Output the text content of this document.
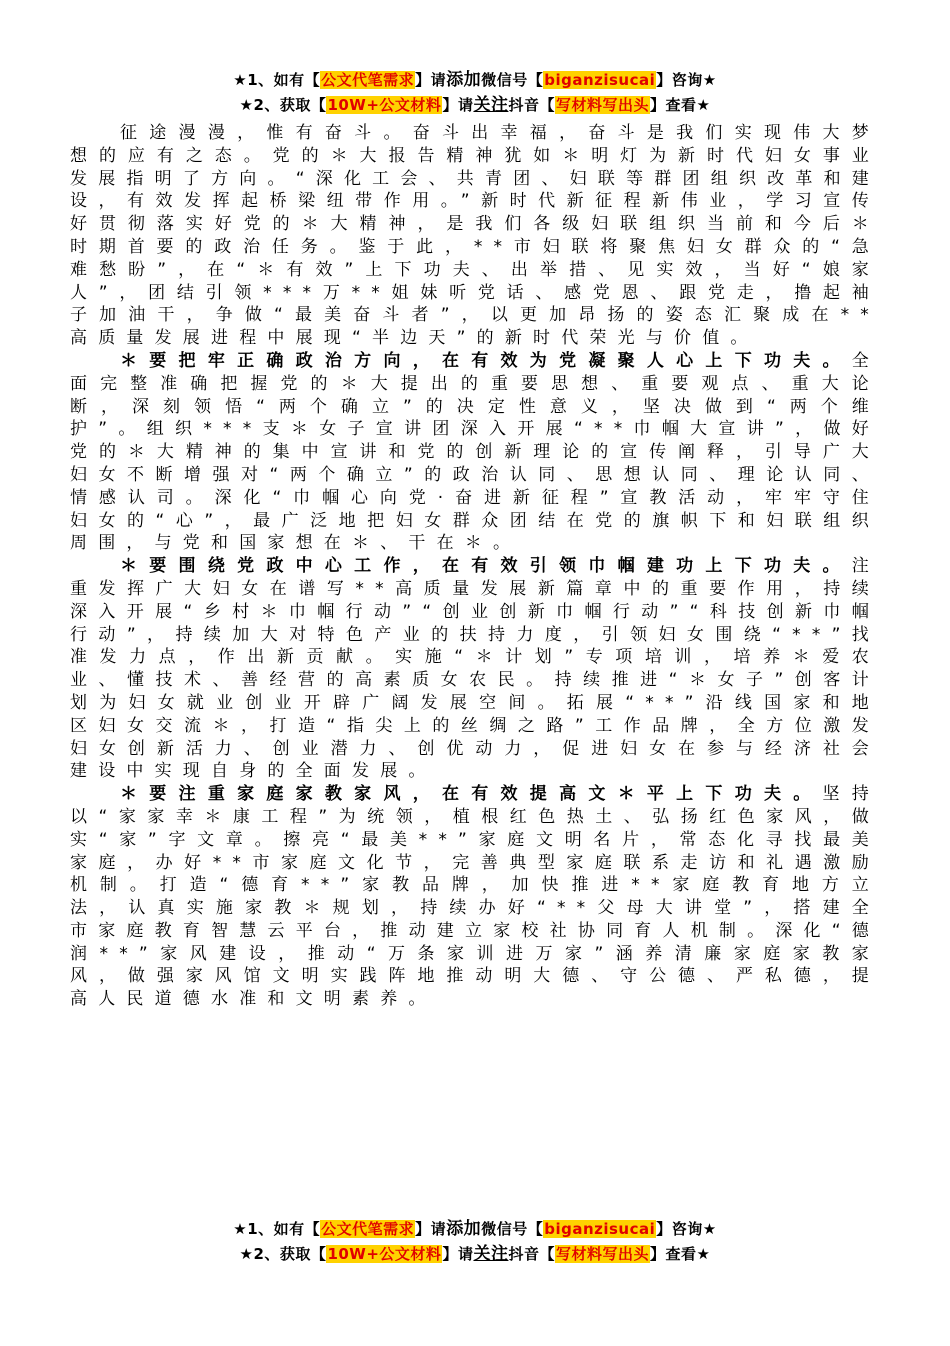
★1、如有【公文代笔需求】请添加微信号【biganzisucai】咨询★
★2、获取【10W+公文材料】请关注抖音【写材料写出头】查看★

征途漫漫，惟有奋斗。奋斗出幸福，奋斗是我们实现伟大梦想的应有之态。党的＊大报告精神犹如＊明灯为新时代妇女事业发展指明了方向。“深化工会、共青团、妇联等群团组织改革和建设，有效发挥起桥梁纽带作用。”新时代新征程新伟业，学习宣传好贯彻落实好党的＊大精神，是我们各级妇联组织当前和今后＊时期首要的政治任务。鉴于此，**市妇联将聚焦妇女群众的“急难愁盼”，在“＊有效”上下功夫、出举措、见实效，当好“娘家人”，团结引领***万**姐妹听党话、感党恩、跟党走，撸起袖子加油干，争做“最美奋斗者”，以更加昂扬的姿态汇聚成在**高质量发展进程中展现“半边天”的新时代荣光与价值。

＊要把牢正确政治方向，在有效为党凝聚人心上下功夫。全面完整准确把握党的＊大提出的重要思想、重要观点、重大论断，深刻领悟“两个确立”的决定性意义，坚决做到“两个维护”。组织***支＊女子宣讲团深入开展“**巾帼大宣讲”，做好党的＊大精神的集中宣讲和党的创新理论的宣传阐释，引导广大妇女不断增强对“两个确立”的政治认同、思想认同、理论认同、情感认司。深化“巾帼心向党·奋进新征程”宣教活动，牢牢守住妇女的“心”，最广泛地把妇女群众团结在党的旗帜下和妇联组织周围，与党和国家想在＊、干在＊。

＊要围绕党政中心工作，在有效引领巾帼建功上下功夫。注重发挥广大妇女在谱写**高质量发展新篇章中的重要作用，持续深入开展“乡村＊巾帼行动”“创业创新巾帼行动”“科技创新巾帼行动”，持续加大对特色产业的扶持力度，引领妇女围绕“**”找准发力点，作出新贡献。实施“＊计划”专项培训，培养＊爱农业、懂技术、善经营的高素质女农民。持续推进“＊女子”创客计划为妇女就业创业开辟广阔发展空间。拓展“**”沿线国家和地区妇女交流＊，打造“指尖上的丝绸之路”工作品牌，全方位激发妇女创新活力、创业潜力、创优动力，促进妇女在参与经济社会建设中实现自身的全面发展。

＊要注重家庭家教家风，在有效提高文＊平上下功夫。坚持以“家家幸＊康工程”为统领，植根红色热土、弘扬红色家风，做实“家”字文章。擦亮“最美**”家庭文明名片，常态化寻找最美家庭，办好**市家庭文化节，完善典型家庭联系走访和礼遇激励机制。打造“德育**”家教品牌，加快推进**家庭教育地方立法，认真实施家教＊规划，持续办好“**父母大讲堂”，搭建全市家庭教育智慧云平台，推动建立家校社协同育人机制。深化“德润**”家风建设，推动“万条家训进万家”涵养清廉家庭家教家风，做强家风馆文明实践阵地推动明大德、守公德、严私德，提高人民道德水准和文明素养。

★1、如有【公文代笔需求】请添加微信号【biganzisucai】咨询★
★2、获取【10W+公文材料】请关注抖音【写材料写出头】查看★
